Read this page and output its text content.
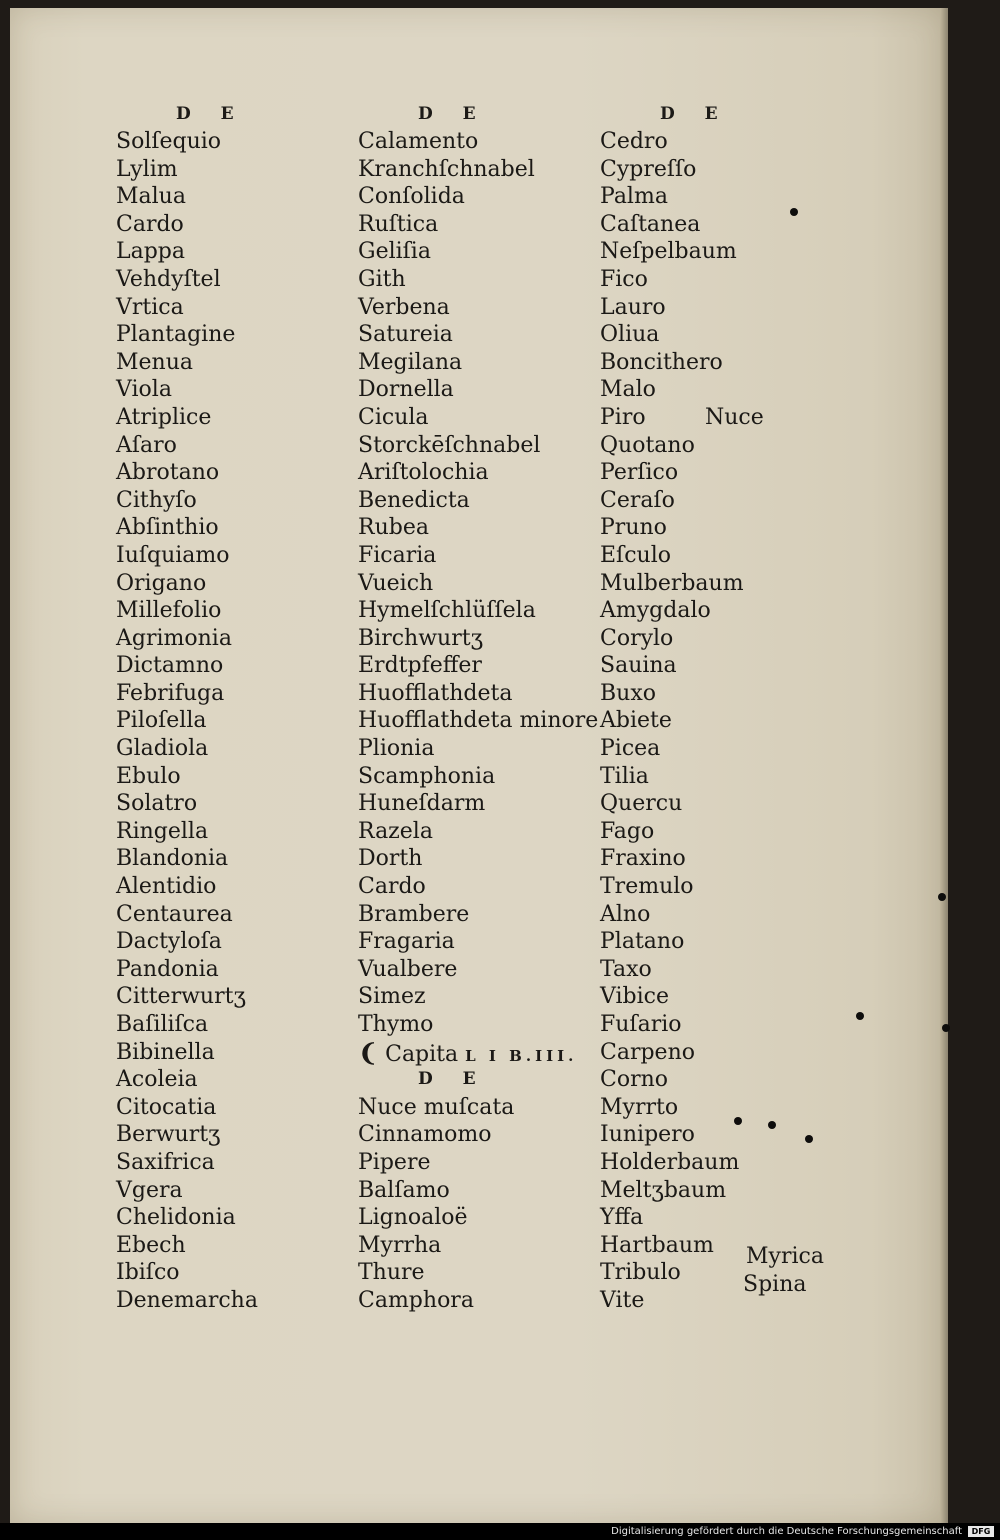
D E
Solſequio
Lylim
Malua
Cardo
Lappa
Vehdyſtel
Vrtica
Plantagine
Menua
Viola
Atriplice
Aſaro
Abrotano
Cithyſo
Abſinthio
Iuſquiamo
Origano
Millefolio
Agrimonia
Dictamno
Febrifuga
Piloſella
Gladiola
Ebulo
Solatro
Ringella
Blandonia
Alentidio
Centaurea
Dactyloſa
Pandonia
Citterwurtʒ
Baſiliſca
Bibinella
Acoleia
Citocatia
Berwurtʒ
Saxifrica
Vgera
Chelidonia
Ebech
Ibiſco
Denemarcha
D E
Calamento
Kranchſchnabel
Conſolida
Ruſtica
Geliſia
Gith
Verbena
Satureia
Megilana
Dornella
Cicula
Storckēſchnabel
Ariſtolochia
Benedicta
Rubea
Ficaria
Vueich
Hymelſchlüſſela
Birchwurtʒ
Erdtpfeffer
Huofflathdeta
Huofflathdeta minore
Plionia
Scamphonia
Huneſdarm
Razela
Dorth
Cardo
Brambere
Fragaria
Vualbere
Simez
Thymo
❨ Capita L I B.III.
D E
Nuce muſcata
Cinnamomo
Pipere
Balſamo
Lignoaloë
Myrrha
Thure
Camphora
D E
Cedro
Cypreſſo
Palma
Caſtanea
Neſpelbaum
Fico
Lauro
Oliua
Boncithero
Malo
Piro
Quotano
Perſico
Ceraſo
Pruno
Eſculo
Mulberbaum
Amygdalo
Corylo
Sauina
Buxo
Abiete
Picea
Tilia
Quercu
Fago
Fraxino
Tremulo
Alno
Platano
Taxo
Vibice
Fuſario
Carpeno
Corno
Myrrto
Iunipero
Holderbaum
Meltʒbaum
Yffa
Hartbaum
Tribulo
Vite
Nuce
Myrica
Spina
Digitalisierung gefördert durch die Deutsche Forschungsgemeinschaft	DFG
